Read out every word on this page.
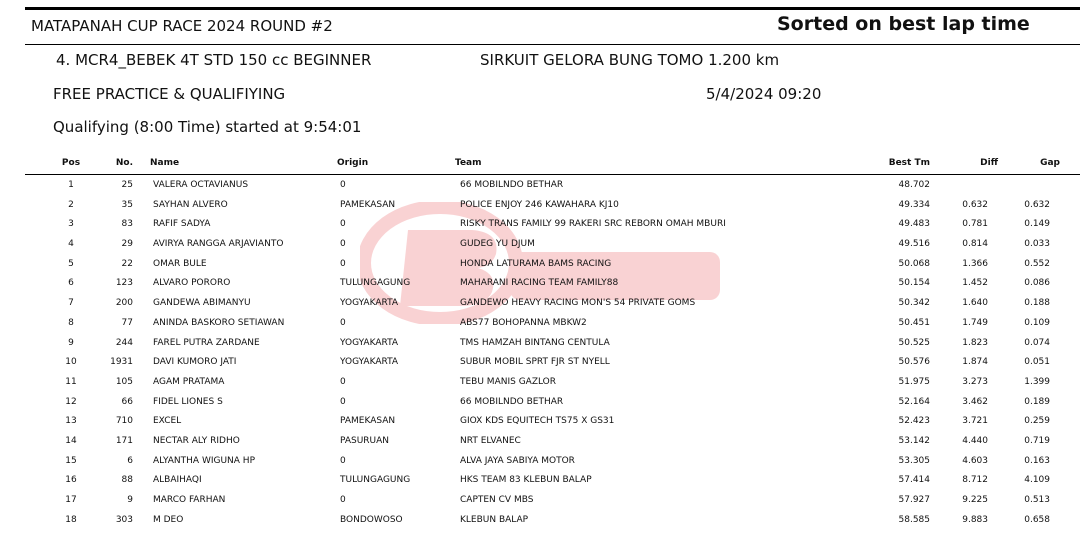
MATAPANAH CUP RACE 2024 ROUND #2	Sorted on best lap time
4. MCR4_BEBEK 4T STD 150 cc BEGINNER	SIRKUIT GELORA BUNG TOMO 1.200 km
FREE PRACTICE & QUALIFIYING	5/4/2024 09:20
Qualifying (8:00 Time) started at 9:54:01
Pos	No. Name	Origin	Team	Best Tm	Diff	Gap
1	25 VALERA OCTAVIANUS	0	66 MOBILNDO BETHAR	48.702
2	35 SAYHAN ALVERO	PAMEKASAN	POLICE ENJOY 246 KAWAHARA KJ10	49.334	0.632	0.632
3	83 RAFIF SADYA	0	RISKY TRANS FAMILY 99 RAKERI SRC REBORN OMAH MBURI	49.483	0.781	0.149
4	29 AVIRYA RANGGA ARJAVIANTO	0	GUDEG YU DJUM	49.516	0.814	0.033
5	22 OMAR BULE	0	HONDA LATURAMA BAMS RACING	50.068	1.366	0.552
6	123 ALVARO PORORO	TULUNGAGUNG	MAHARANI RACING TEAM FAMILY88	50.154	1.452	0.086
7	200 GANDEWA ABIMANYU	YOGYAKARTA	GANDEWO HEAVY RACING MON'S 54 PRIVATE GOMS	50.342	1.640	0.188
8	77 ANINDA BASKORO SETIAWAN	0	ABS77 BOHOPANNA MBKW2	50.451	1.749	0.109
9	244 FAREL PUTRA ZARDANE	YOGYAKARTA	TMS HAMZAH BINTANG CENTULA	50.525	1.823	0.074
10	1931 DAVI KUMORO JATI	YOGYAKARTA	SUBUR MOBIL SPRT FJR ST NYELL	50.576	1.874	0.051
11	105 AGAM PRATAMA	0	TEBU MANIS GAZLOR	51.975	3.273	1.399
12	66 FIDEL LIONES S	0	66 MOBILNDO BETHAR	52.164	3.462	0.189
13	710 EXCEL	PAMEKASAN	GIOX KDS EQUITECH TS75 X GS31	52.423	3.721	0.259
14	171 NECTAR ALY RIDHO	PASURUAN	NRT ELVANEC	53.142	4.440	0.719
15	6 ALYANTHA WIGUNA HP	0	ALVA JAYA SABIYA MOTOR	53.305	4.603	0.163
16	88 ALBAIHAQI	TULUNGAGUNG	HKS TEAM 83 KLEBUN BALAP	57.414	8.712	4.109
17	9 MARCO FARHAN	0	CAPTEN CV MBS	57.927	9.225	0.513
18	303 M DEO	BONDOWOSO	KLEBUN BALAP	58.585	9.883	0.658
